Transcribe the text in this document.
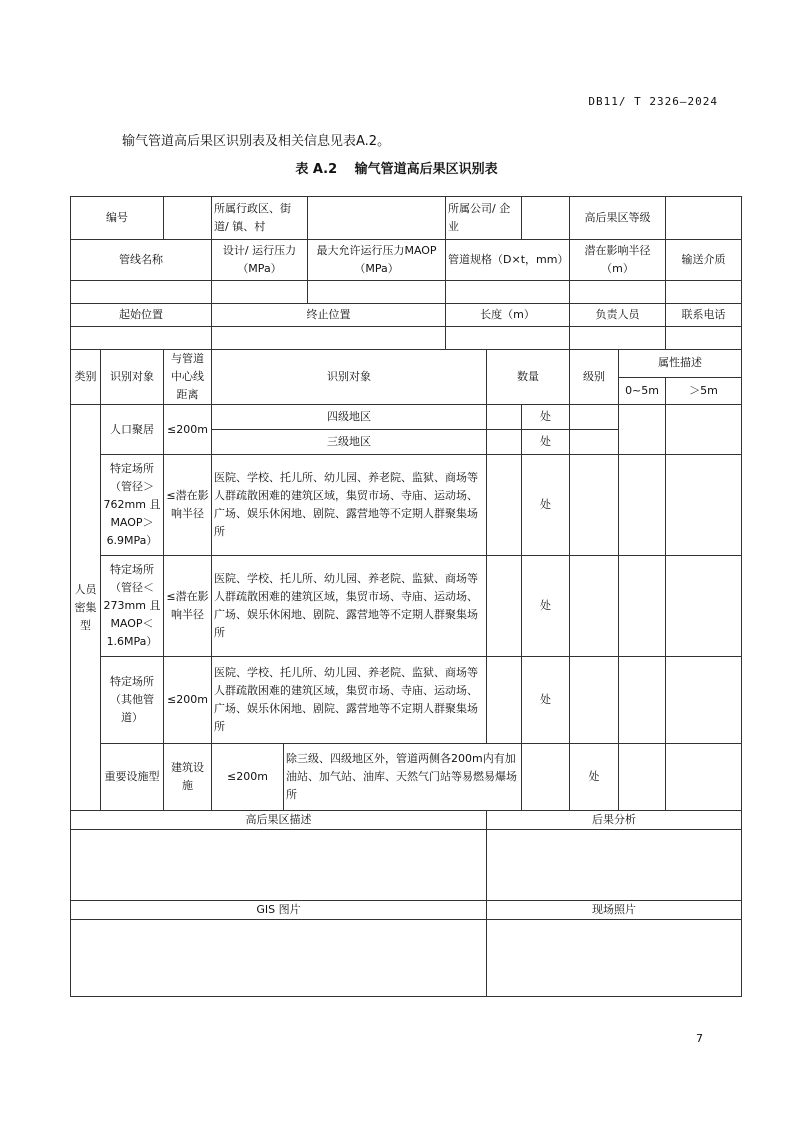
DB11/ T 2326—2024
输气管道高后果区识别表及相关信息见表A.2。
表 A.2　 输气管道高后果区识别表
编号			所属行政区、街道/ 镇、村			所属公司/ 企业			高后果区等级			
管线名称			设计/ 运行压力（MPa）		最大允许运行压力MAOP（MPa）	管道规格（D×t，mm）			潜在影响半径（m）		输送介质	

起始位置			终止位置			长度（m）			负责人员		联系电话	

类别	识别对象	与管道中心线距离	识别对象				数量		级别	属性描述		
										0~5m	＞5m	
人员密集型	人口聚居	≤200m	四级地区					处				
			三级地区					处				
	特定场所（管径＞762mm 且MAOP＞6.9MPa）	≤潜在影响半径	医院、学校、托儿所、幼儿园、养老院、监狱、商场等人群疏散困难的建筑区域，集贸市场、寺庙、运动场、广场、娱乐休闲地、剧院、露营地等不定期人群聚集场所					处				
	特定场所（管径＜273mm 且MAOP＜1.6MPa）	≤潜在影响半径	医院、学校、托儿所、幼儿园、养老院、监狱、商场等人群疏散困难的建筑区域，集贸市场、寺庙、运动场、广场、娱乐休闲地、剧院、露营地等不定期人群聚集场所					处				
	特定场所（其他管道）	≤200m	医院、学校、托儿所、幼儿园、养老院、监狱、商场等人群疏散困难的建筑区域，集贸市场、寺庙、运动场、广场、娱乐休闲地、剧院、露营地等不定期人群聚集场所					处				
	重要设施型	建筑设施	≤200m	除三级、四级地区外，管道两侧各200m内有加油站、加气站、油库、天然气门站等易燃易爆场所					处			
高后果区描述							后果分析					

GIS 图片							现场照片					

7
